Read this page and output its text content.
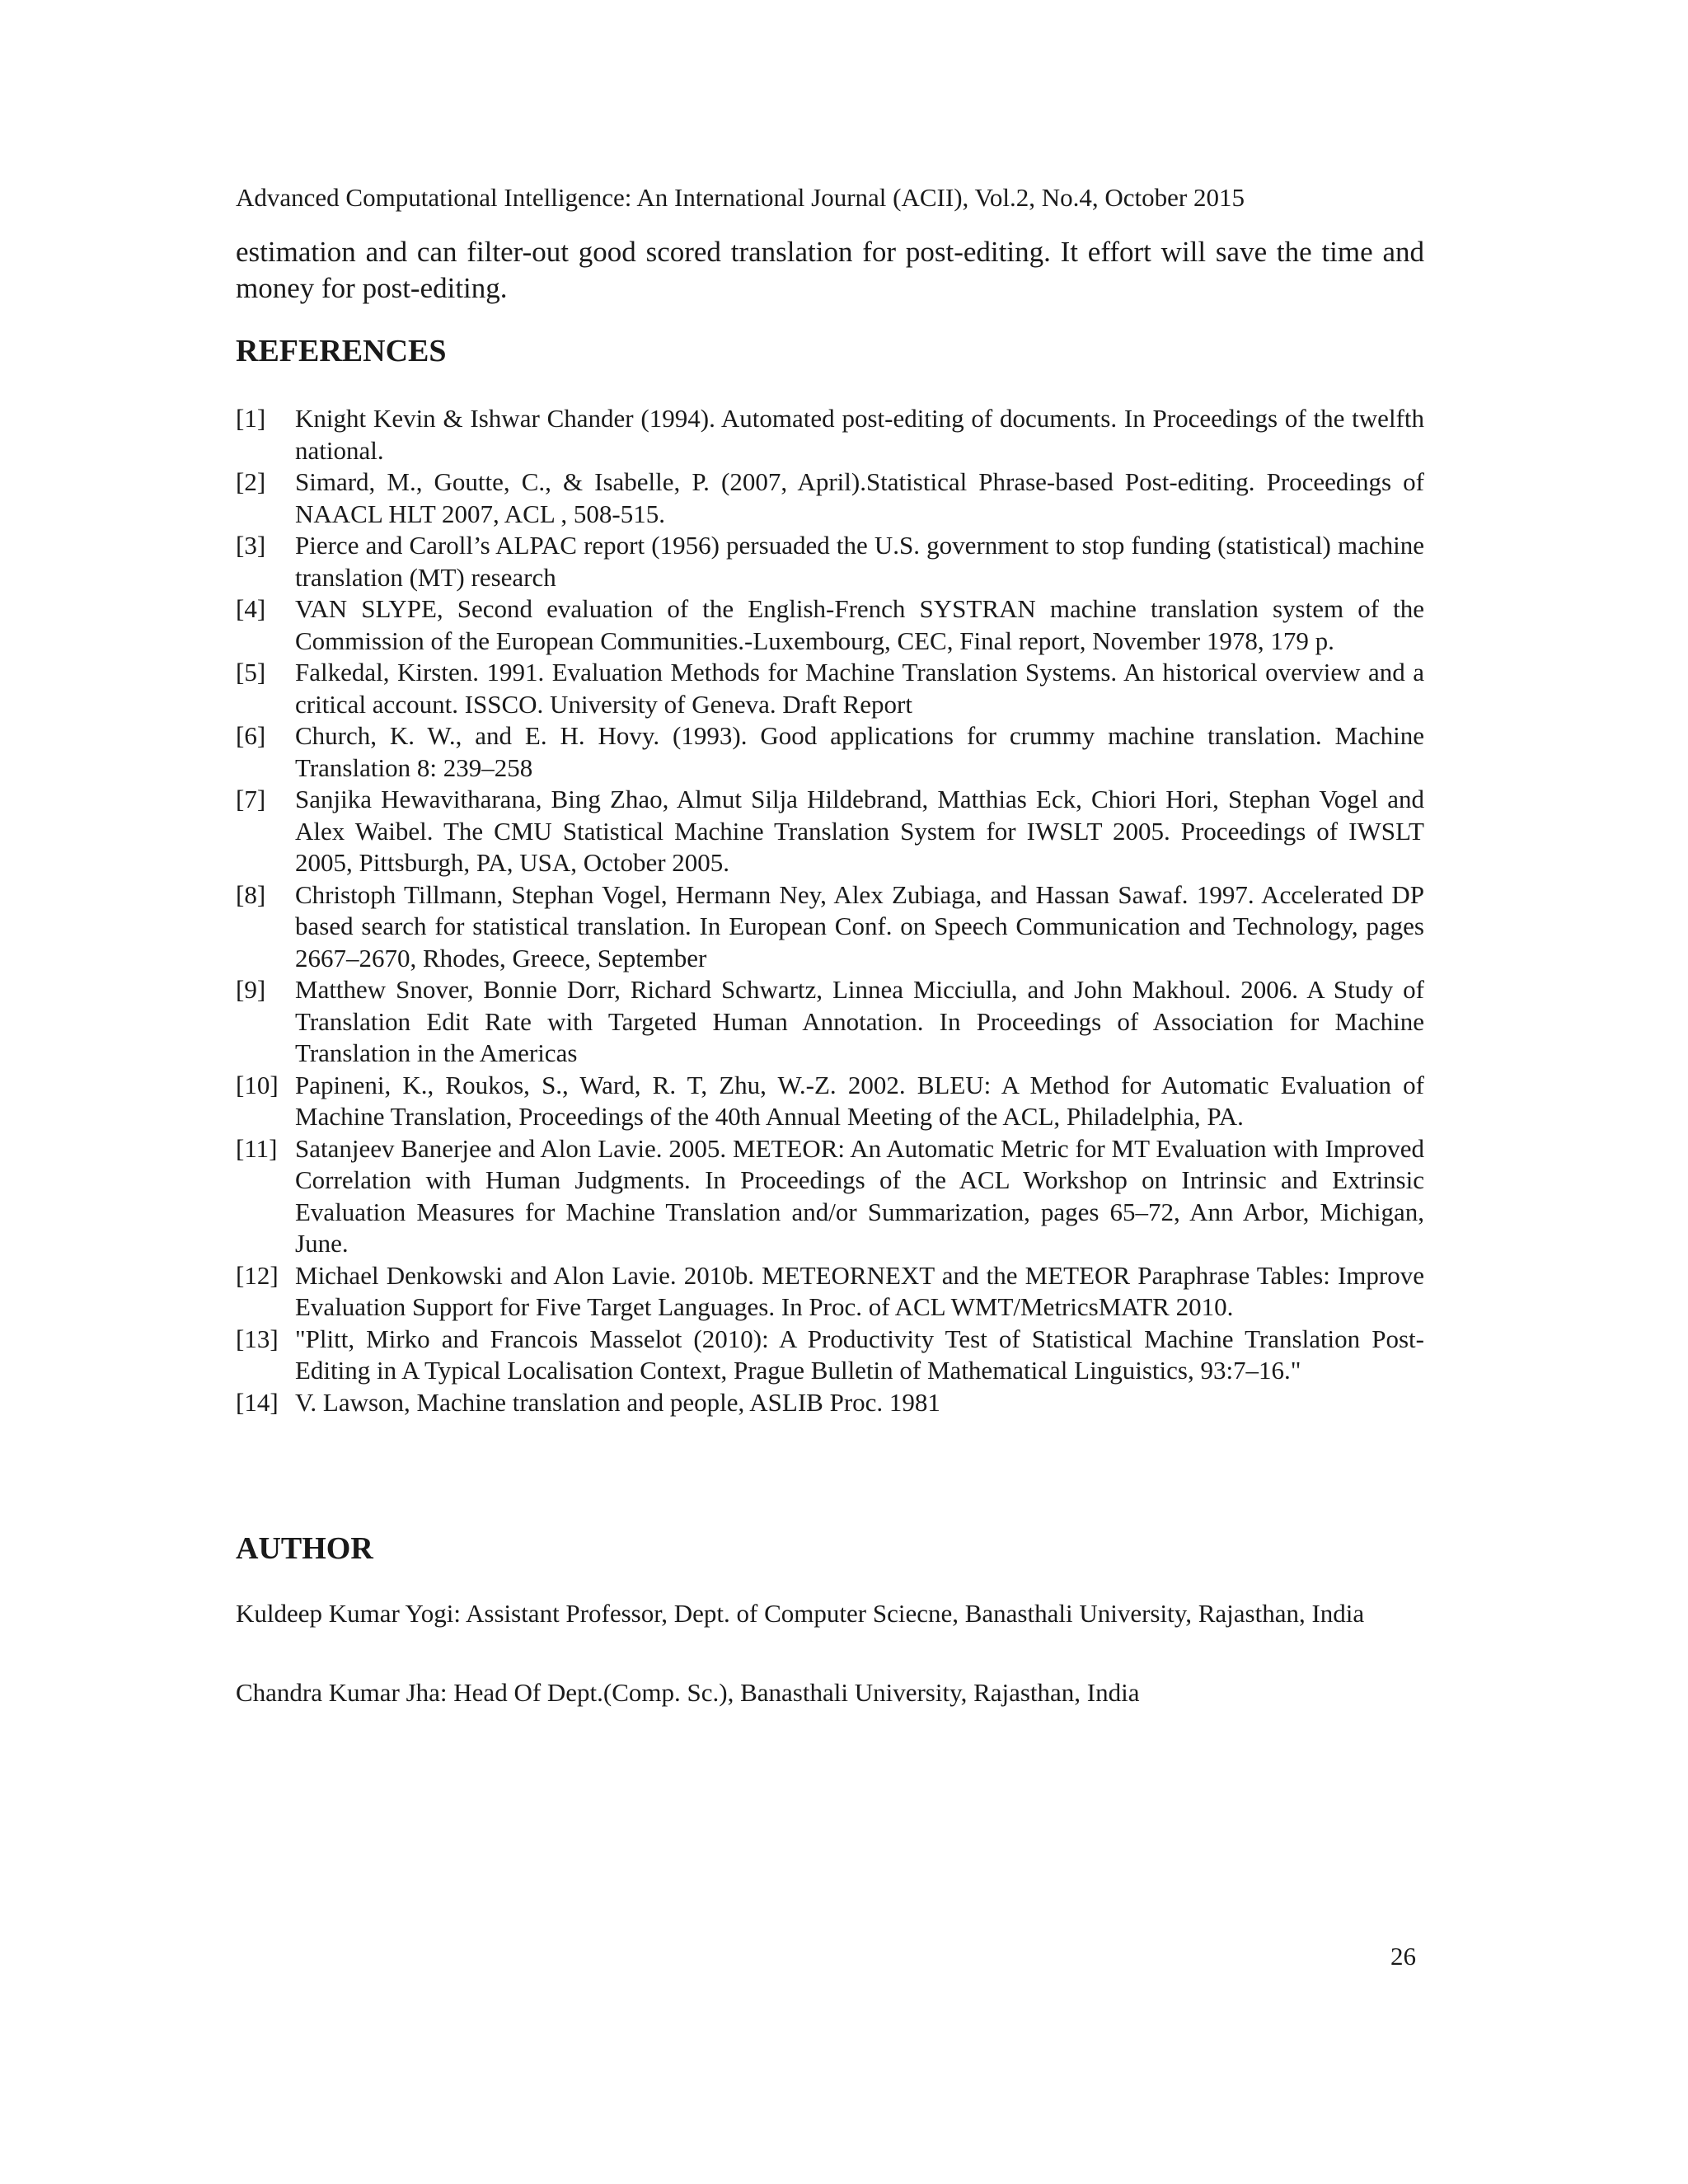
Advanced Computational Intelligence: An International Journal (ACII), Vol.2, No.4, October 2015
estimation and can filter-out good scored translation for post-editing. It effort will save the time and money for post-editing.
REFERENCES
[1]	Knight Kevin & Ishwar Chander (1994). Automated post-editing of documents. In Proceedings of the twelfth national.
[2]	Simard, M., Goutte, C., & Isabelle, P. (2007, April).Statistical Phrase-based Post-editing. Proceedings of NAACL HLT 2007, ACL , 508-515.
[3]	Pierce and Caroll’s ALPAC report (1956) persuaded the U.S. government to stop funding (statistical) machine translation (MT) research
[4]	VAN SLYPE, Second evaluation of the English-French SYSTRAN machine translation system of the Commission of the European Communities.-Luxembourg, CEC, Final report, November 1978, 179 p.
[5]	Falkedal, Kirsten. 1991. Evaluation Methods for Machine Translation Systems. An historical overview and a critical account. ISSCO. University of Geneva. Draft Report
[6]	Church, K. W., and E. H. Hovy. (1993). Good applications for crummy machine translation. Machine Translation 8: 239–258
[7]	Sanjika Hewavitharana, Bing Zhao, Almut Silja Hildebrand, Matthias Eck, Chiori Hori, Stephan Vogel and Alex Waibel. The CMU Statistical Machine Translation System for IWSLT 2005. Proceedings of IWSLT 2005, Pittsburgh, PA, USA, October 2005.
[8]	Christoph Tillmann, Stephan Vogel, Hermann Ney, Alex Zubiaga, and Hassan Sawaf. 1997. Accelerated DP based search for statistical translation. In European Conf. on Speech Communication and Technology, pages 2667–2670, Rhodes, Greece, September
[9]	Matthew Snover, Bonnie Dorr, Richard Schwartz, Linnea Micciulla, and John Makhoul. 2006. A Study of Translation Edit Rate with Targeted Human Annotation. In Proceedings of Association for Machine Translation in the Americas
[10] Papineni, K., Roukos, S., Ward, R. T, Zhu, W.-Z. 2002. BLEU: A Method for Automatic Evaluation of Machine Translation, Proceedings of the 40th Annual Meeting of the ACL, Philadelphia, PA.
[11] Satanjeev Banerjee and Alon Lavie. 2005. METEOR: An Automatic Metric for MT Evaluation with Improved Correlation with Human Judgments. In Proceedings of the ACL Workshop on Intrinsic and Extrinsic Evaluation Measures for Machine Translation and/or Summarization, pages 65–72, Ann Arbor, Michigan, June.
[12] Michael Denkowski and Alon Lavie. 2010b. METEORNEXT and the METEOR Paraphrase Tables: Improve Evaluation Support for Five Target Languages. In Proc. of ACL WMT/MetricsMATR 2010.
[13] "Plitt, Mirko and Francois Masselot (2010): A Productivity Test of Statistical Machine Translation Post-Editing in A Typical Localisation Context, Prague Bulletin of Mathematical Linguistics, 93:7–16."
[14] V. Lawson, Machine translation and people, ASLIB Proc. 1981
AUTHOR
Kuldeep Kumar Yogi: Assistant Professor, Dept. of Computer Sciecne, Banasthali University, Rajasthan, India
Chandra Kumar Jha: Head Of Dept.(Comp. Sc.), Banasthali University, Rajasthan, India
26
